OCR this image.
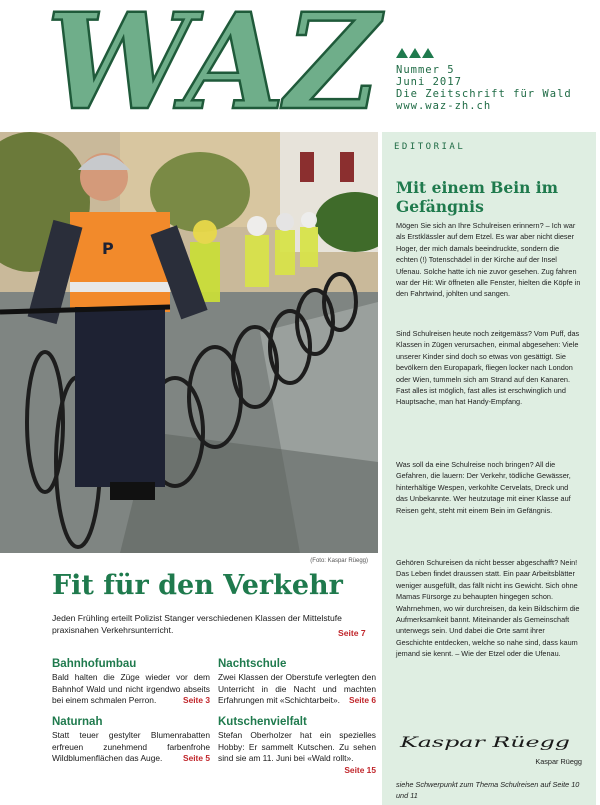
WAZ Nummer 5
Juni 2017
Die Zeitschrift für Wald
www.waz-zh.ch
P
(Foto: Kaspar Rüegg)
Fit für den Verkehr
Jeden Frühling erteilt Polizist Stanger verschiedenen Klassen der Mittelstufe praxisnahen Verkehrsunterricht.	Seite 7
Bahnhofumbau

Bald halten die Züge wieder vor dem Bahnhof Wald und nicht irgendwo abseits bei einem schmalen Perron.	Seite 3

Nachtschule

Zwei Klassen der Oberstufe verlegten den Unterricht in die Nacht und machten Erfahrungen mit «Schichtarbeit». Seite 6

Naturnah

Statt teuer gestylter Blumenrabatten erfreuen zunehmend farbenfrohe Wildblumenflächen das Auge. Seite 5

Kutschenvielfalt

Stefan Oberholzer hat ein spezielles Hobby: Er sammelt Kutschen. Zu sehen sind sie am 11. Juni bei «Wald rollt».
Seite 15

EDITORIAL
Mit einem Bein im Gefängnis
Mögen Sie sich an Ihre Schulreisen erinnern? – Ich war als Erstklässler auf dem Etzel. Es war aber nicht dieser Hoger, der mich damals beeindruckte, sondern die echten (!) Totenschädel in der Kirche auf der Insel Ufenau. Solche hatte ich nie zuvor gesehen. Zug fahren war der Hit: Wir öffneten alle Fenster, hielten die Köpfe in den Fahrtwind, johlten und sangen.
Sind Schulreisen heute noch zeitgemäss? Vom Puff, das Klassen in Zügen verursachen, einmal abgesehen: Viele unserer Kinder sind doch so etwas von gesättigt. Sie bevölkern den Europapark, fliegen locker nach London oder Wien, tummeln sich am Strand auf den Kanaren. Fast alles ist möglich, fast alles ist erschwinglich und Hauptsache, man hat Handy-Empfang.
Was soll da eine Schulreise noch bringen? All die Gefahren, die lauern: Der Verkehr, tödliche Gewässer, hinterhältige Wespen, verkohlte Cervelats, Dreck und das Unbekannte. Wer heutzutage mit einer Klasse auf Reisen geht, steht mit einem Bein im Gefängnis.
Gehören Schureisen da nicht besser abgeschafft? Nein! Das Leben findet draussen statt. Ein paar Arbeitsblätter weniger ausgefüllt, das fällt nicht ins Gewicht. Sich ohne Mamas Fürsorge zu behaupten hingegen schon. Wahrnehmen, wo wir durchreisen, da kein Bildschirm die Aufmerksamkeit bannt. Miteinander als Gemeinschaft unterwegs sein. Und dabei die Orte samt ihrer Geschichte entdecken, welche so nahe sind, dass kaum jemand sie kennt. – Wie der Etzel oder die Ufenau.
Kaspar Rüegg
Kaspar Rüegg
siehe Schwerpunkt zum Thema Schulreisen auf Seite 10 und 11
